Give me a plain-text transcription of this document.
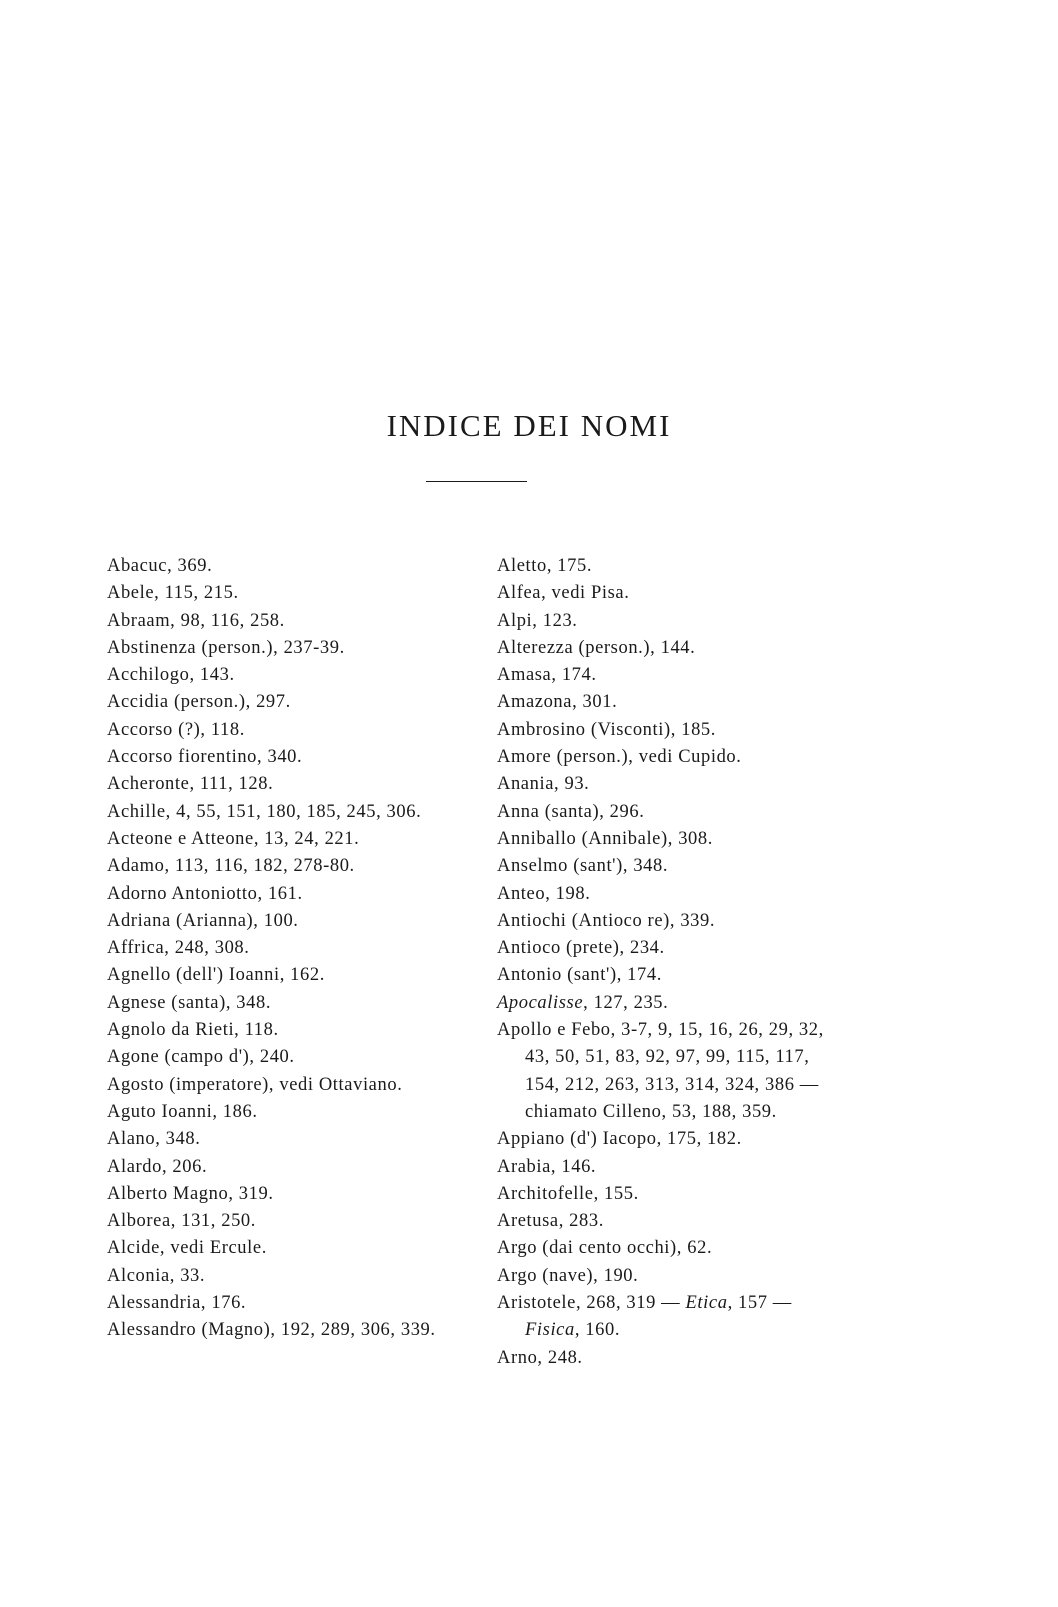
INDICE DEI NOMI

Abacuc, 369.

Abele, 115, 215.

Abraam, 98, 116, 258.

Abstinenza (person.), 237-39.

Acchilogo, 143.

Accidia (person.), 297.

Accorso (?), 118.

Accorso fiorentino, 340.

Acheronte, 111, 128.

Achille, 4, 55, 151, 180, 185, 245, 306.

Acteone e Atteone, 13, 24, 221.

Adamo, 113, 116, 182, 278-80.

Adorno Antoniotto, 161.

Adriana (Arianna), 100.

Affrica, 248, 308.

Agnello (dell') Ioanni, 162.

Agnese (santa), 348.

Agnolo da Rieti, 118.

Agone (campo d'), 240.

Agosto (imperatore), vedi Ottaviano.

Aguto Ioanni, 186.

Alano, 348.

Alardo, 206.

Alberto Magno, 319.

Alborea, 131, 250.

Alcide, vedi Ercule.

Alconia, 33.

Alessandria, 176.

Alessandro (Magno), 192, 289, 306, 339.

Aletto, 175.

Alfea, vedi Pisa.

Alpi, 123.

Alterezza (person.), 144.

Amasa, 174.

Amazona, 301.

Ambrosino (Visconti), 185.

Amore (person.), vedi Cupido.

Anania, 93.

Anna (santa), 296.

Anniballo (Annibale), 308.

Anselmo (sant'), 348.

Anteo, 198.

Antiochi (Antioco re), 339.

Antioco (prete), 234.

Antonio (sant'), 174.

Apocalisse, 127, 235.

Apollo e Febo, 3-7, 9, 15, 16, 26, 29, 32, 43, 50, 51, 83, 92, 97, 99, 115, 117, 154, 212, 263, 313, 314, 324, 386 — chiamato Cilleno, 53, 188, 359.

Appiano (d') Iacopo, 175, 182.

Arabia, 146.

Architofelle, 155.

Aretusa, 283.

Argo (dai cento occhi), 62.

Argo (nave), 190.

Aristotele, 268, 319 — Etica, 157 — Fisica, 160.

Arno, 248.
